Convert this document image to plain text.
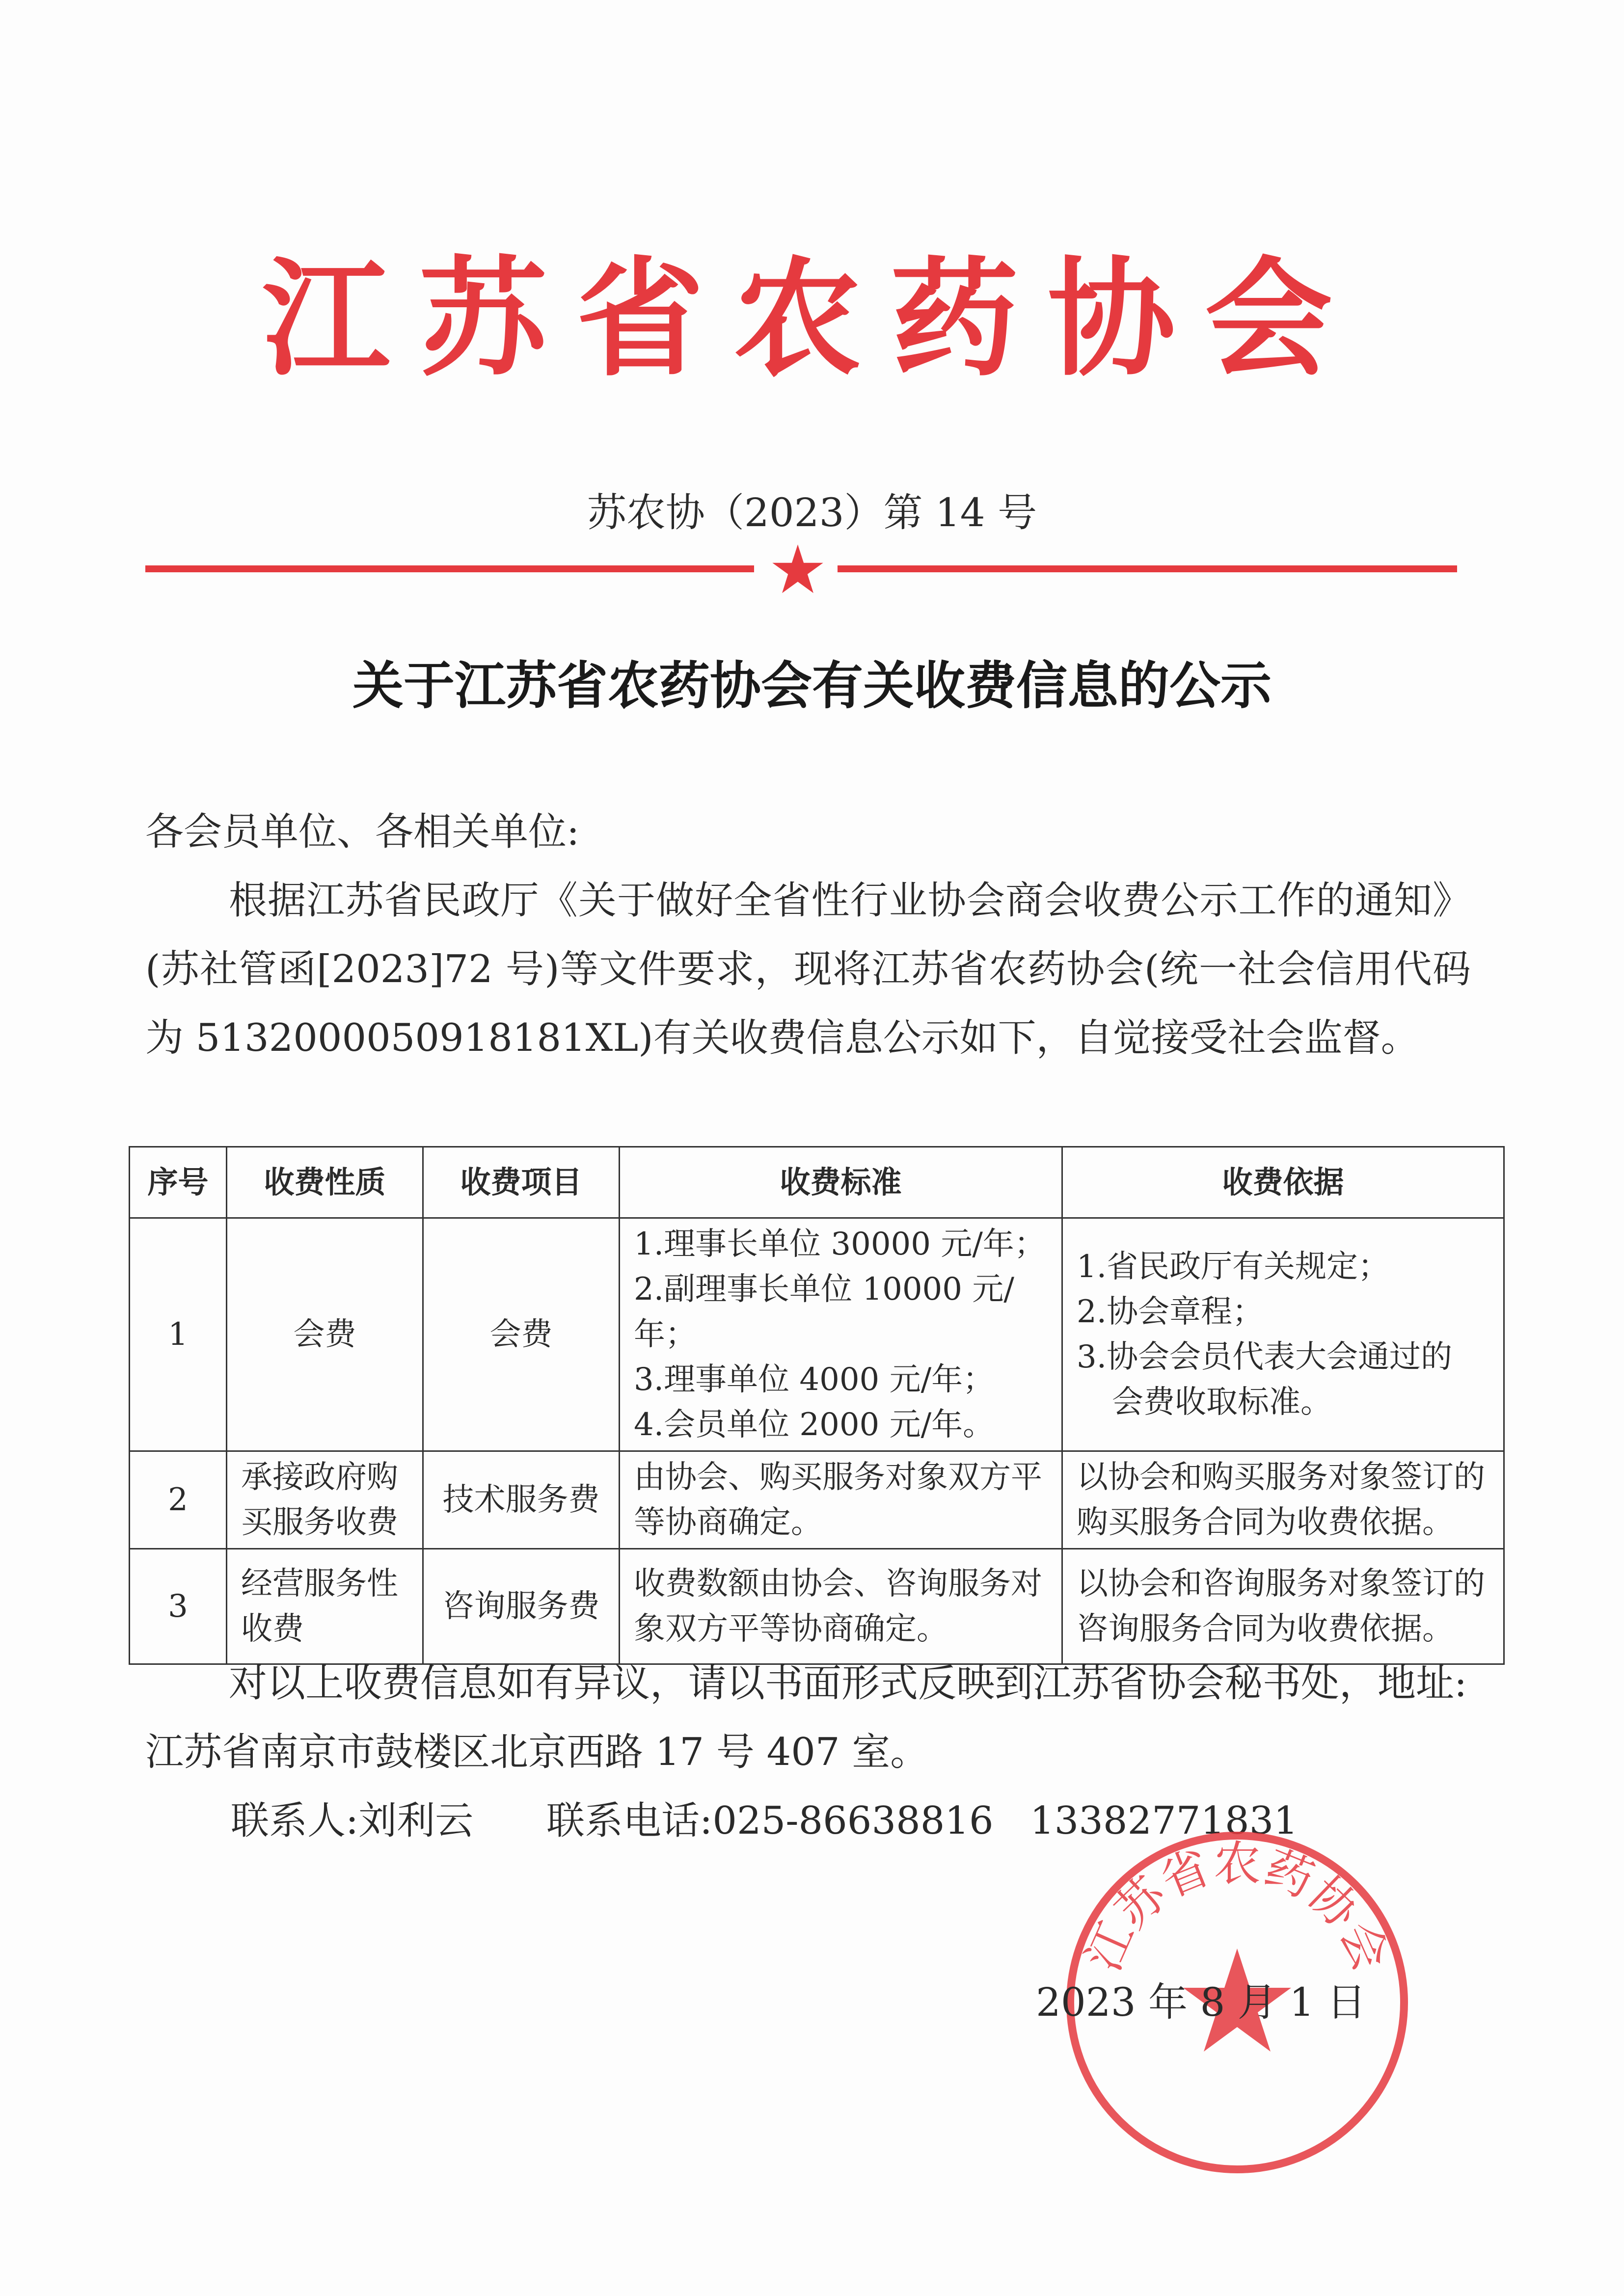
江苏省农药协会
苏农协（2023）第 14 号
关于江苏省农药协会有关收费信息的公示
各会员单位、各相关单位:
根据江苏省民政厅《关于做好全省性行业协会商会收费公示工作的通知》(苏社管函[2023]72 号)等文件要求，现将江苏省农药协会(统一社会信用代码为 5132000050918181XL)有关收费信息公示如下，自觉接受社会监督。
序号	收费性质	收费项目	收费标准	收费依据
1	会费	会费	1.理事长单位 30000 元/年；
2.副理事长单位 10000 元/年；
3.理事单位 4000 元/年；
4.会员单位 2000 元/年。	1.省民政厅有关规定；
2.协会章程；
3.协会会员代表大会通过的
会费收取标准。

2	承接政府购买服务收费	技术服务费	由协会、购买服务对象双方平等协商确定。	以协会和购买服务对象签订的购买服务合同为收费依据。
3	经营服务性收费	咨询服务费	收费数额由协会、咨询服务对象双方平等协商确定。	以协会和咨询服务对象签订的咨询服务合同为收费依据。
对以上收费信息如有异议，请以书面形式反映到江苏省协会秘书处，地址:江苏省南京市鼓楼区北京西路 17 号 407 室。
联系人:刘利云 联系电话:025-86638816 13382771831
江苏省农药协会
2023 年 8 月 1 日
